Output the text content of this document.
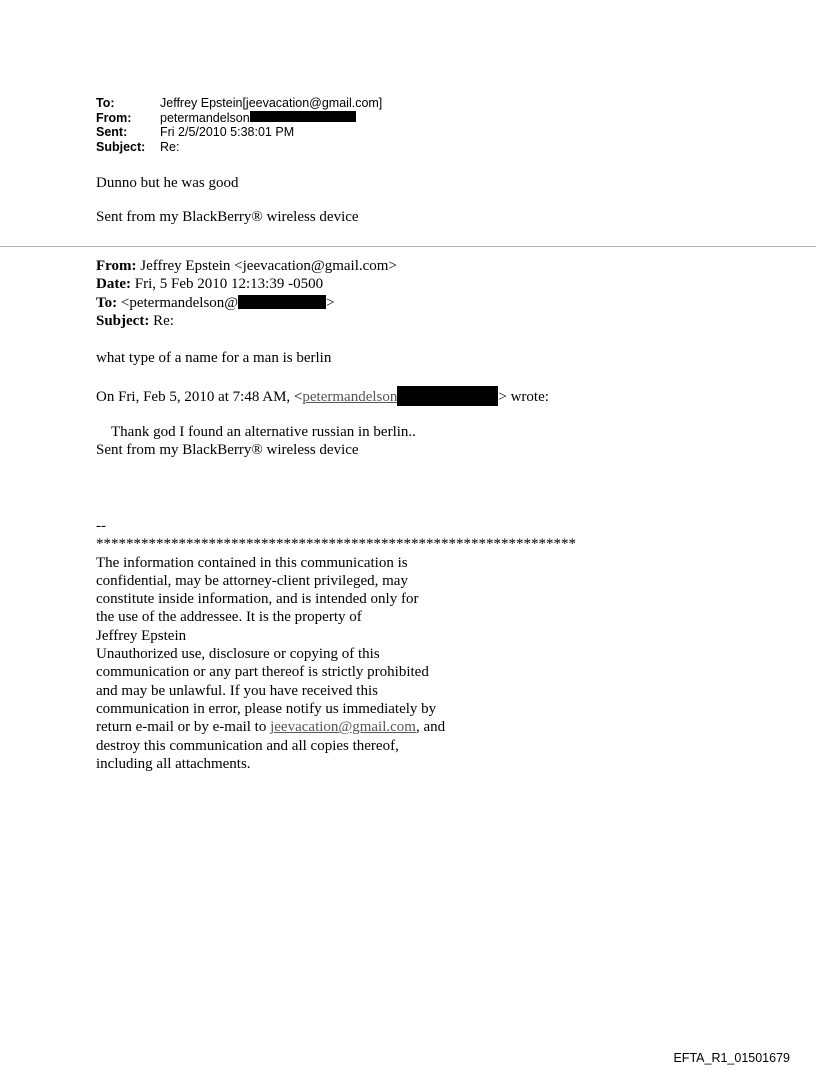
To:	Jeffrey Epstein[jeevacation@gmail.com]
From:	petermandelson
Sent:	Fri 2/5/2010 5:38:01 PM
Subject:	Re:
Dunno but he was good
Sent from my BlackBerry® wireless device
From: Jeffrey Epstein <jeevacation@gmail.com>
Date: Fri, 5 Feb 2010 12:13:39 -0500
To: <petermandelson@	>
Subject: Re:
what type of a name for a man is berlin
On Fri, Feb 5, 2010 at 7:48 AM, <petermandelson	> wrote:
Thank god I found an alternative russian in berlin..
Sent from my BlackBerry® wireless device
--
****************************************************************
The information contained in this communication is
confidential, may be attorney-client privileged, may
constitute inside information, and is intended only for
the use of the addressee. It is the property of
Jeffrey Epstein
Unauthorized use, disclosure or copying of this
communication or any part thereof is strictly prohibited
and may be unlawful. If you have received this
communication in error, please notify us immediately by
return e-mail or by e-mail to jeevacation@gmail.com, and
destroy this communication and all copies thereof,
including all attachments.
EFTA_R1_01501679
